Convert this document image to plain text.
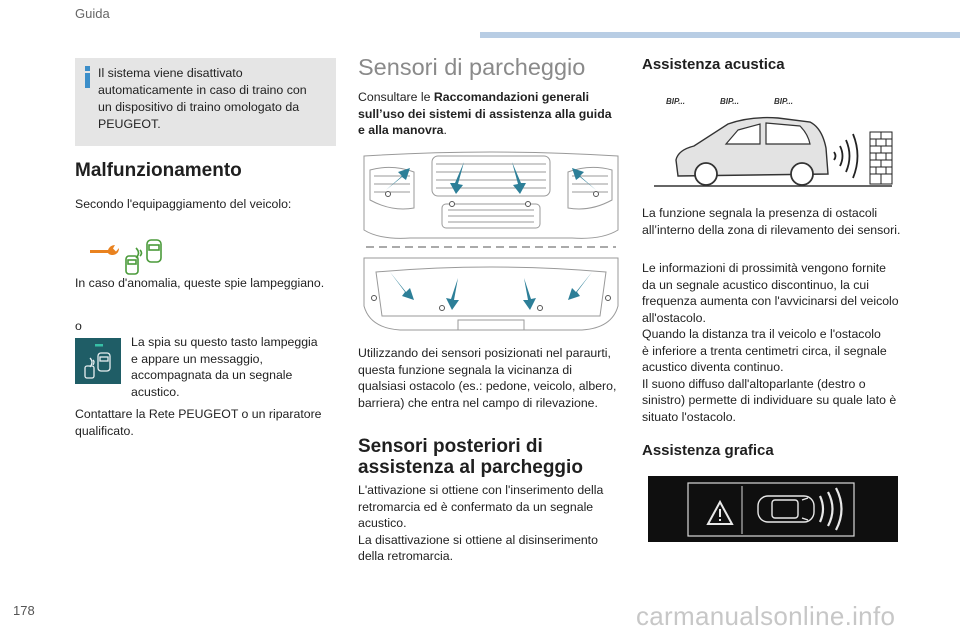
Guida
178	carmanualsonline.info
Il sistema viene disattivato
automaticamente in caso di traino con
un dispositivo di traino omologato da
PEUGEOT.
Malfunzionamento

Secondo l'equipaggiamento del veicolo:

In caso d'anomalia, queste spie lampeggiano.

o

La spia su questo tasto lampeggia
e appare un messaggio,
accompagnata da un segnale
acustico.
Contattare la Rete PEUGEOT o un riparatore
qualificato.
Sensori di parcheggio
Consultare le Raccomandazioni generali
sull’uso dei sistemi di assistenza alla guida
e alla manovra.
Utilizzando dei sensori posizionati nel paraurti,
questa funzione segnala la vicinanza di
qualsiasi ostacolo (es.: pedone, veicolo, albero,
barriera) che entra nel campo di rilevazione.
Sensori posteriori di
assistenza al parcheggio
L'attivazione si ottiene con l'inserimento della
retromarcia ed è confermato da un segnale
acustico.
La disattivazione si ottiene al disinserimento
della retromarcia.
Assistenza acustica
BIP...	BIP...	BIP...
La funzione segnala la presenza di ostacoli
all’interno della zona di rilevamento dei sensori.
Le informazioni di prossimità vengono fornite
da un segnale acustico discontinuo, la cui
frequenza aumenta con l'avvicinarsi del veicolo
all'ostacolo.
Quando la distanza tra il veicolo e l'ostacolo
è inferiore a trenta centimetri circa, il segnale
acustico diventa continuo.
Il suono diffuso dall'altoparlante (destro o
sinistro) permette di individuare su quale lato è
situato l'ostacolo.
Assistenza grafica
